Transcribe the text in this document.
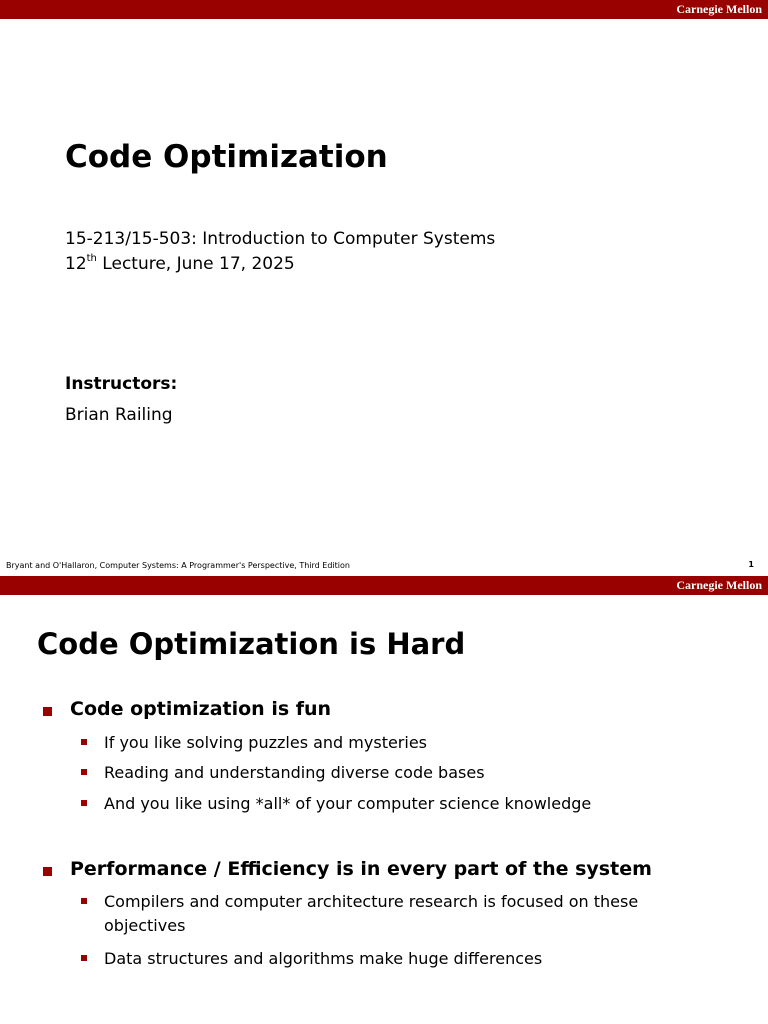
Carnegie Mellon
Code Optimization
15-213/15-503: Introduction to Computer Systems
12th Lecture, June 17, 2025
Instructors:
Brian Railing
Bryant and O'Hallaron, Computer Systems: A Programmer's Perspective, Third Edition	1
Carnegie Mellon
Code Optimization is Hard
Code optimization is fun
If you like solving puzzles and mysteries
Reading and understanding diverse code bases
And you like using *all* of your computer science knowledge
Performance / Efficiency is in every part of the system
Compilers and computer architecture research is focused on these objectives
Data structures and algorithms make huge differences
